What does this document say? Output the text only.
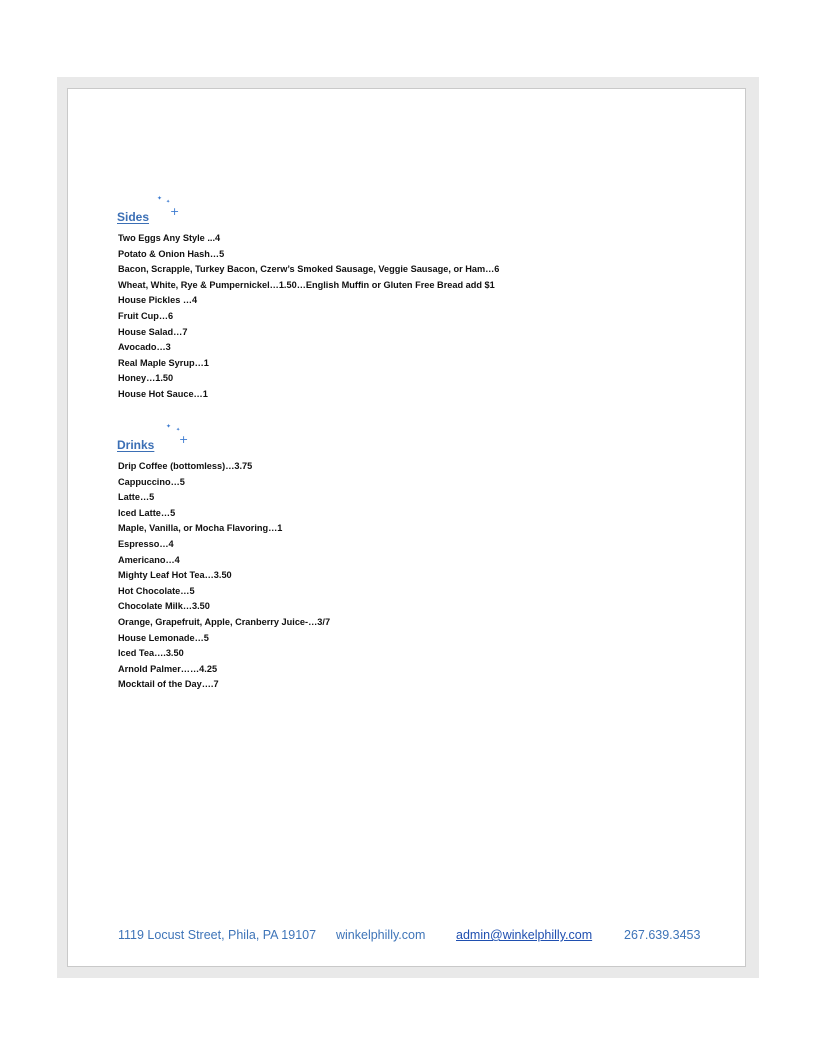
✦ ✦
+
Sides
Two Eggs Any Style ...4
Potato & Onion Hash…5
Bacon, Scrapple, Turkey Bacon, Czerw’s Smoked Sausage, Veggie Sausage, or Ham…6
Wheat, White, Rye & Pumpernickel…1.50…English Muffin or Gluten Free Bread add $1
House Pickles …4
Fruit Cup…6
House Salad…7
Avocado…3
Real Maple Syrup…1
Honey…1.50
House Hot Sauce…1
✦ ✦
+
Drinks
Drip Coffee (bottomless)…3.75
Cappuccino…5
Latte…5
Iced Latte…5
Maple, Vanilla, or Mocha Flavoring…1
Espresso…4
Americano…4
Mighty Leaf Hot Tea…3.50
Hot Chocolate…5
Chocolate Milk…3.50
Orange, Grapefruit, Apple, Cranberry Juice-…3/7
House Lemonade…5
Iced Tea….3.50
Arnold Palmer……4.25
Mocktail of the Day….7
1119 Locust Street, Phila, PA 19107 winkelphilly.com admin@winkelphilly.com	267.639.3453
